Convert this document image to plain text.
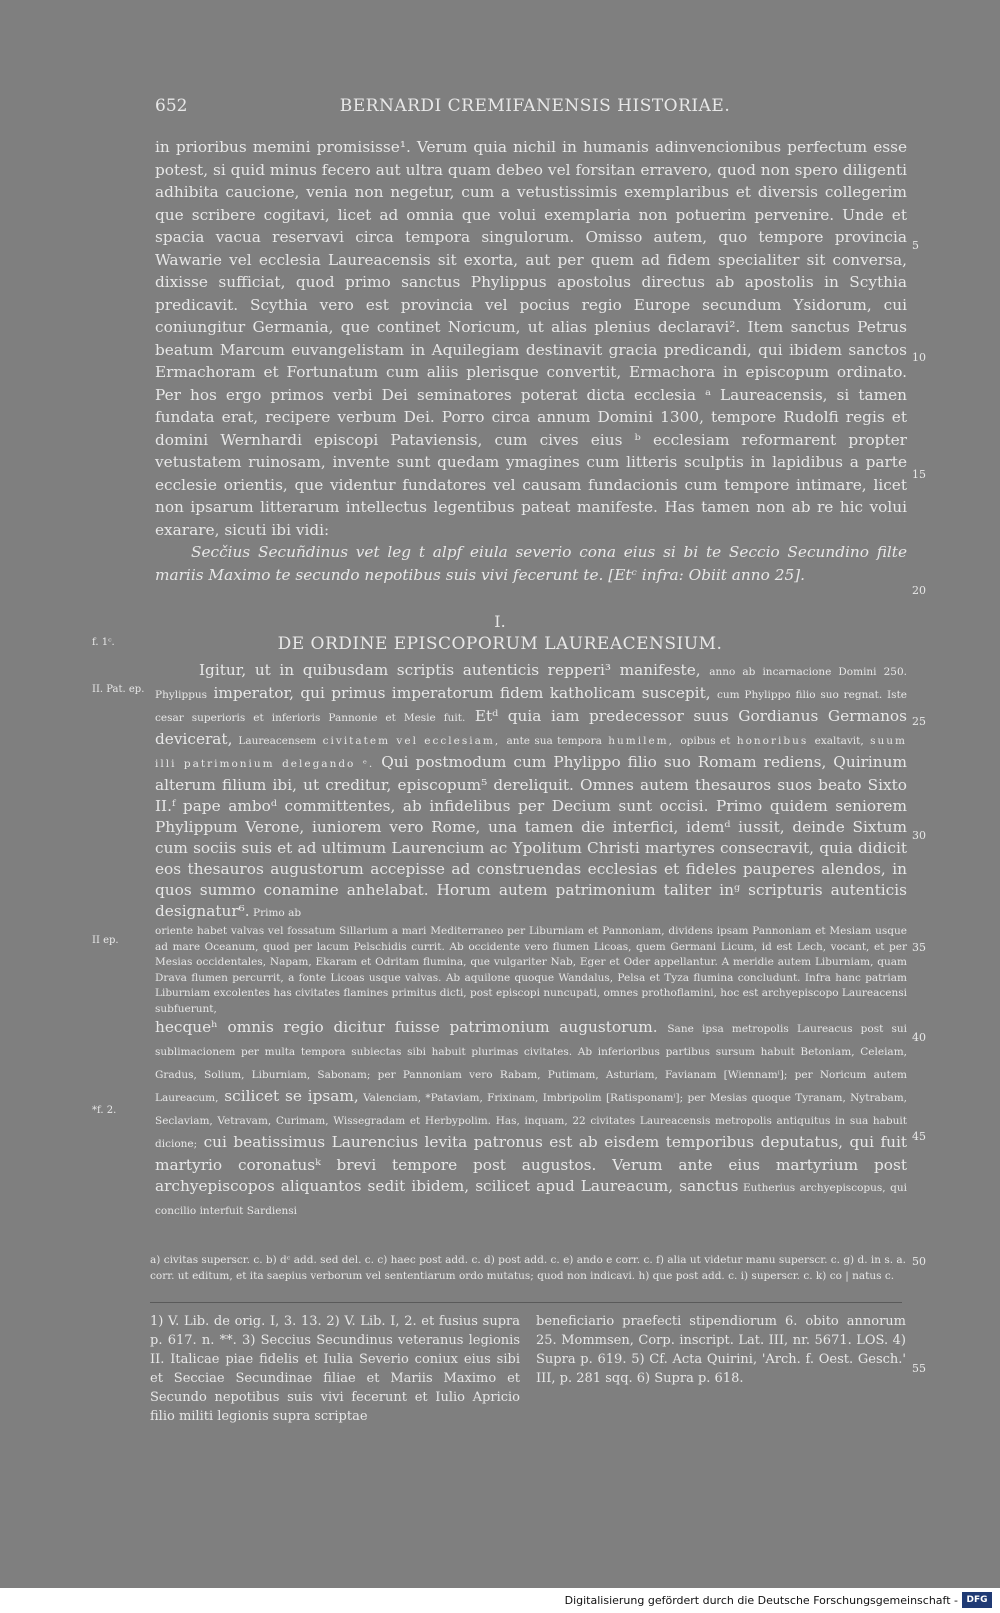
652	BERNARDI CREMIFANENSIS HISTORIAE.

in prioribus memini promisisse¹. Verum quia nichil in humanis adinvencionibus perfectum esse potest, si quid minus fecero aut ultra quam debeo vel forsitan erravero, quod non spero diligenti adhibita caucione, venia non negetur, cum a vetustissimis exemplaribus et diversis collegerim que scribere cogitavi, licet ad omnia que volui exemplaria non potuerim pervenire. Unde et spacia vacua reservavi circa tempora singulorum. Omisso autem, quo tempore provincia Wawarie vel ecclesia Laureacensis sit exorta, aut per quem ad fidem specialiter sit conversa, dixisse sufficiat, quod primo sanctus Phylippus apostolus directus ab apostolis in Scythia predicavit. Scythia vero est provincia vel pocius regio Europe secundum Ysidorum, cui coniungitur Germania, que continet Noricum, ut alias plenius declaravi². Item sanctus Petrus beatum Marcum euvangelistam in Aquilegiam destinavit gracia predicandi, qui ibidem sanctos Ermachoram et Fortunatum cum aliis plerisque convertit, Ermachora in episcopum ordinato. Per hos ergo primos verbi Dei seminatores poterat dicta ecclesia ᵃ Laureacensis, si tamen fundata erat, recipere verbum Dei. Porro circa annum Domini 1300, tempore Rudolfi regis et domini Wernhardi episcopi Pataviensis, cum cives eius ᵇ ecclesiam reformarent propter vetustatem ruinosam, invente sunt quedam ymagines cum litteris sculptis in lapidibus a parte ecclesie orientis, que videntur fundatores vel causam fundacionis cum tempore intimare, licet non ipsarum litterarum intellectus legentibus pateat manifeste. Has tamen non ab re hic volui exarare, sicuti ibi vidi:

Secčius Secuñdinus vet leg t alpf eiula severio cona eius si bi te Seccio Secundino filte mariis Maximo te secundo nepotibus suis vivi fecerunt te. [Etᶜ infra: Obiit anno 25].

I.
DE ORDINE EPISCOPORUM LAUREACENSIUM.

Igitur, ut in quibusdam scriptis autenticis repperi³ manifeste, anno ab incarnacione Domini 250. Phylippus imperator, qui primus imperatorum fidem katholicam suscepit, cum Phylippo filio suo regnat. Iste cesar superioris et inferioris Pannonie et Mesie fuit. Etᵈ quia iam predecessor suus Gordianus Germanos devicerat, Laureacensem civitatem vel ecclesiam, ante sua tempora humilem, opibus et honoribus exaltavit, suum illi patrimonium delegando ᵉ. Qui postmodum cum Phylippo filio suo Romam rediens, Quirinum alterum filium ibi, ut creditur, episcopum⁵ dereliquit. Omnes autem thesauros suos beato Sixto II.ᶠ pape amboᵈ committentes, ab infidelibus per Decium sunt occisi. Primo quidem seniorem Phylippum Verone, iuniorem vero Rome, una tamen die interfici, idemᵈ iussit, deinde Sixtum cum sociis suis et ad ultimum Laurencium ac Ypolitum Christi martyres consecravit, quia didicit eos thesauros augustorum accepisse ad construendas ecclesias et fideles pauperes alendos, in quos summo conamine anhelabat. Horum autem patrimonium taliter inᵍ scripturis autenticis designatur⁶. Primo ab

oriente habet valvas vel fossatum Sillarium a mari Mediterraneo per Liburniam et Pannoniam, dividens ipsam Pannoniam et Mesiam usque ad mare Oceanum, quod per lacum Pelschidis currit. Ab occidente vero flumen Licoas, quem Germani Licum, id est Lech, vocant, et per Mesias occidentales, Napam, Ekaram et Odritam flumina, que vulgariter Nab, Eger et Oder appellantur. A meridie autem Liburniam, quam Drava flumen percurrit, a fonte Licoas usque valvas. Ab aquilone quoque Wandalus, Pelsa et Tyza flumina concludunt. Infra hanc patriam Liburniam excolentes has civitates flamines primitus dicti, post episcopi nuncupati, omnes prothoflamini, hoc est archyepiscopo Laureacensi subfuerunt,

hecqueʰ omnis regio dicitur fuisse patrimonium augustorum. Sane ipsa metropolis Laureacus post sui sublimacionem per multa tempora subiectas sibi habuit plurimas civitates. Ab inferioribus partibus sursum habuit Betoniam, Celeiam, Gradus, Solium, Liburniam, Sabonam; per Pannoniam vero Rabam, Putimam, Asturiam, Favianam [Wiennamⁱ]; per Noricum autem Laureacum, scilicet se ipsam, Valenciam, *Pataviam, Frixinam, Imbripolim [Ratisponamⁱ]; per Mesias quoque Tyranam, Nytrabam, Seclaviam, Vetravam, Curimam, Wissegradam et Herbypolim. Has, inquam, 22 civitates Laureacensis metropolis antiquitus in sua habuit dicione; cui beatissimus Laurencius levita patronus est ab eisdem temporibus deputatus, qui fuit martyrio coronatusᵏ brevi tempore post augustos. Verum ante eius martyrium post archyepiscopos aliquantos sedit ibidem, scilicet apud Laureacum, sanctus Eutherius archyepiscopus, qui concilio interfuit Sardiensi

f. 1ᶜ.
II. Pat. ep.
II ep.
*f. 2.
5
10
15
20
25
30
35
40
45
50
55
a) civitas superscr. c. b) dᶜ add. sed del. c. c) haec post add. c. d) post add. c. e) ando e corr. c. f) alia ut videtur manu superscr. c. g) d. in s. a. corr. ut editum, et ita saepius verborum vel sententiarum ordo mutatus; quod non indicavi. h) que post add. c. i) superscr. c. k) co | natus c.
1) V. Lib. de orig. I, 3. 13. 2) V. Lib. I, 2. et fusius supra p. 617. n. **. 3) Seccius Secundinus veteranus legionis II. Italicae piae fidelis et Iulia Severio coniux eius sibi et Secciae Secundinae filiae et Mariis Maximo et Secundo nepotibus suis vivi fecerunt et Iulio Apricio filio militi legionis supra scriptae
beneficiario praefecti stipendiorum 6. obito annorum 25. Mommsen, Corp. inscript. Lat. III, nr. 5671. LOS. 4) Supra p. 619. 5) Cf. Acta Quirini, 'Arch. f. Oest. Gesch.' III, p. 281 sqq. 6) Supra p. 618.
Digitalisierung gefördert durch die Deutsche Forschungsgemeinschaft - DFG
